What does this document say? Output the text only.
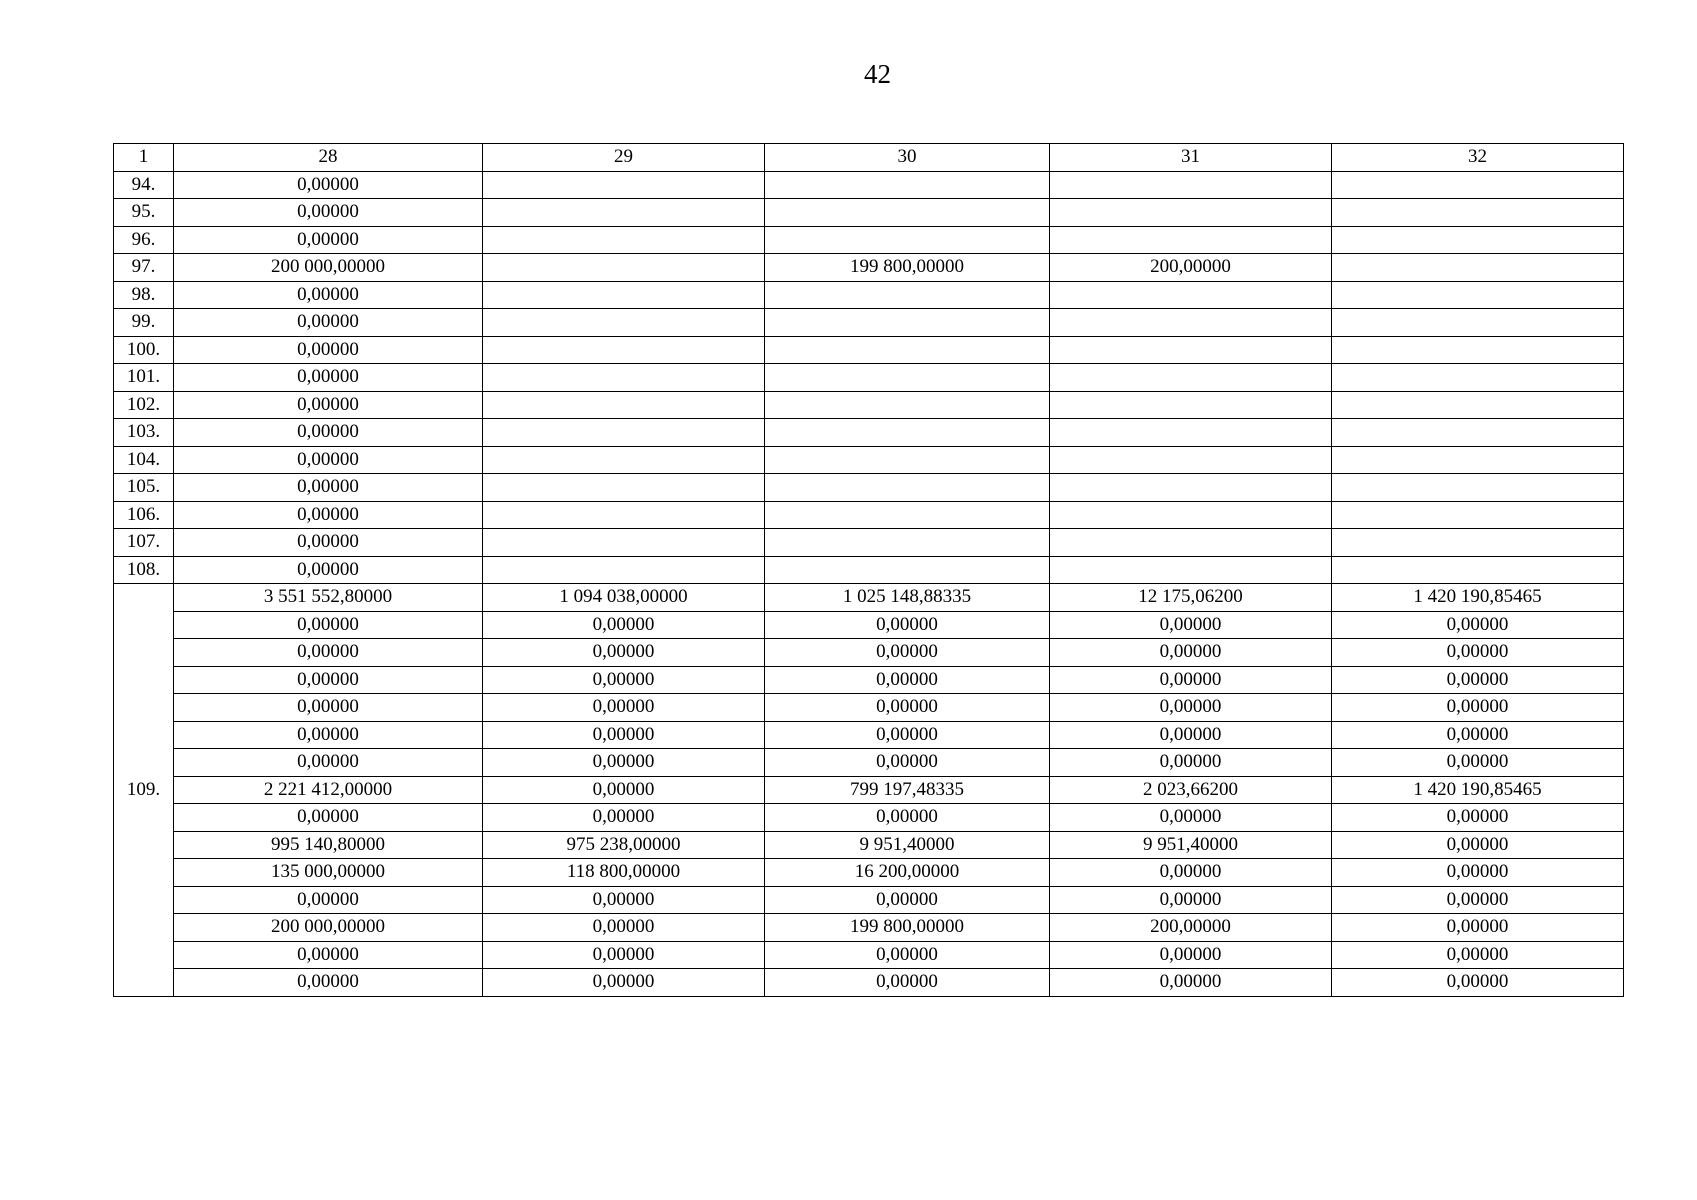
42
1	28	29	30	31	32
94.	0,00000				
95.	0,00000				
96.	0,00000				
97.	200 000,00000		199 800,00000	200,00000	
98.	0,00000				
99.	0,00000				
100.	0,00000				
101.	0,00000				
102.	0,00000				
103.	0,00000				
104.	0,00000				
105.	0,00000				
106.	0,00000				
107.	0,00000				
108.	0,00000				
109.	3 551 552,80000	1 094 038,00000	1 025 148,88335	12 175,06200	1 420 190,85465
	0,00000	0,00000	0,00000	0,00000	0,00000
	0,00000	0,00000	0,00000	0,00000	0,00000
	0,00000	0,00000	0,00000	0,00000	0,00000
	0,00000	0,00000	0,00000	0,00000	0,00000
	0,00000	0,00000	0,00000	0,00000	0,00000
	0,00000	0,00000	0,00000	0,00000	0,00000
	2 221 412,00000	0,00000	799 197,48335	2 023,66200	1 420 190,85465
	0,00000	0,00000	0,00000	0,00000	0,00000
	995 140,80000	975 238,00000	9 951,40000	9 951,40000	0,00000
	135 000,00000	118 800,00000	16 200,00000	0,00000	0,00000
	0,00000	0,00000	0,00000	0,00000	0,00000
	200 000,00000	0,00000	199 800,00000	200,00000	0,00000
	0,00000	0,00000	0,00000	0,00000	0,00000
	0,00000	0,00000	0,00000	0,00000	0,00000
